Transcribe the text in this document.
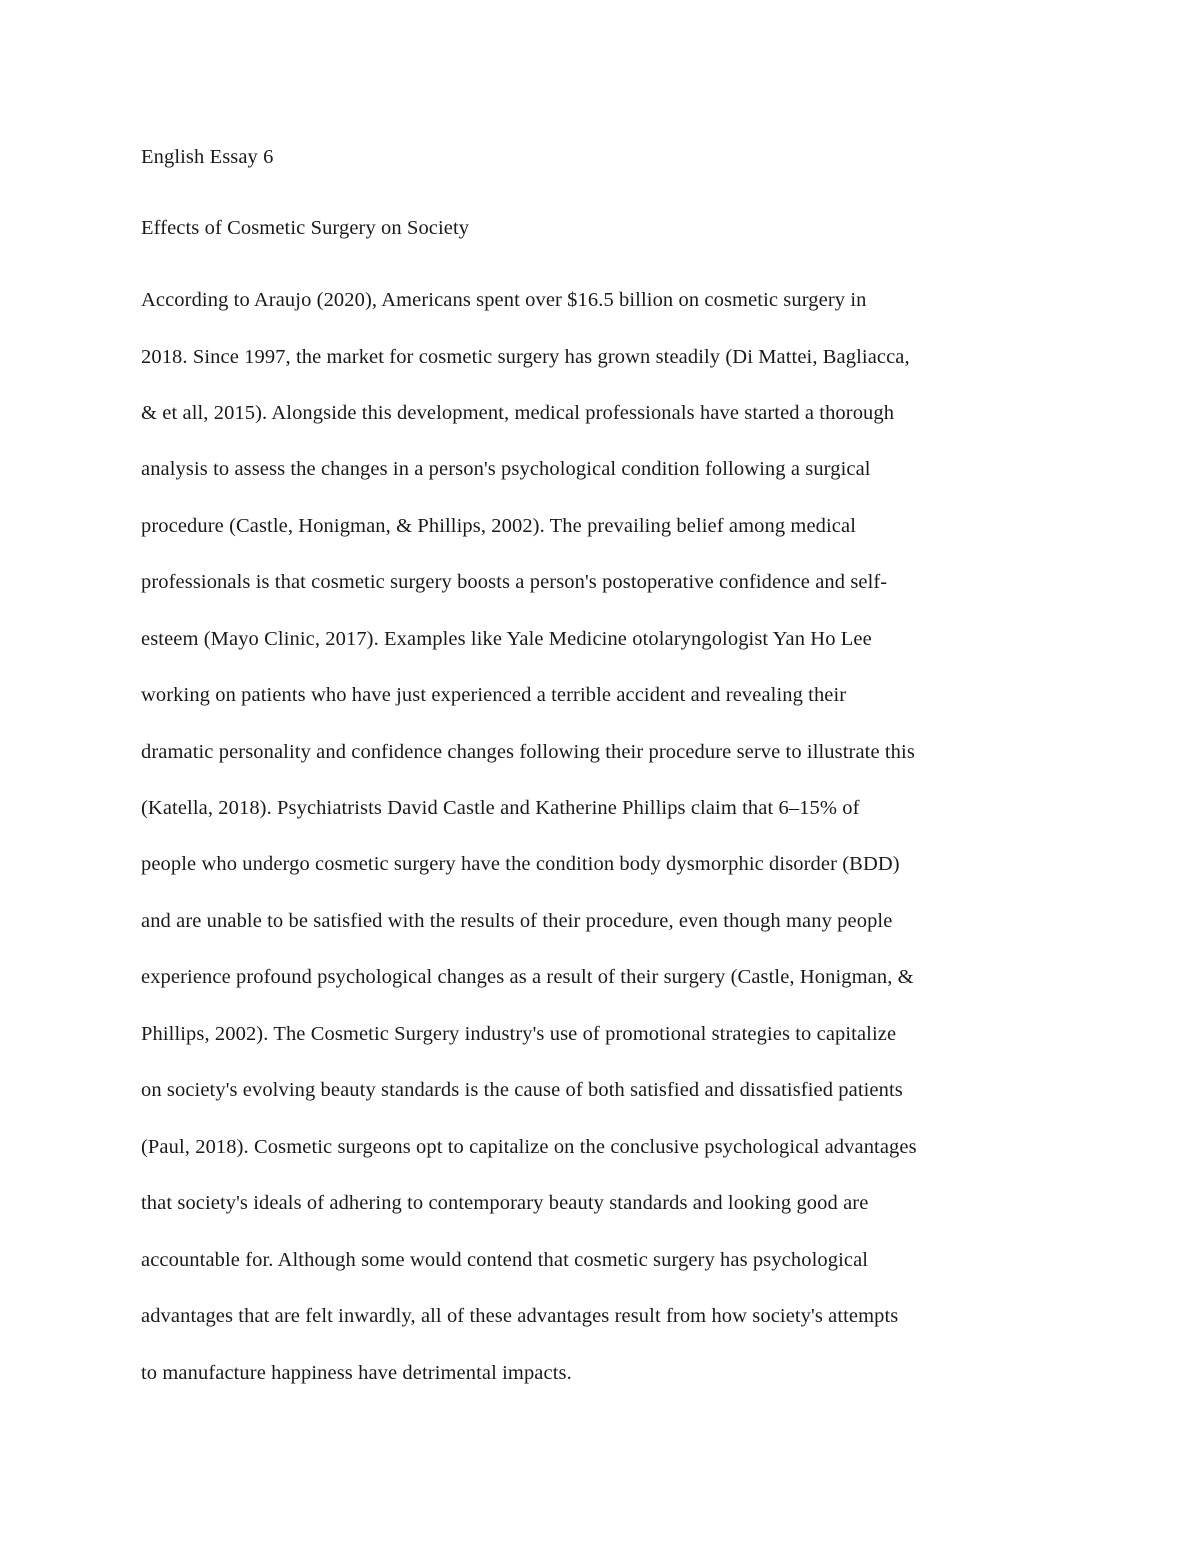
English Essay 6
Effects of Cosmetic Surgery on Society
According to Araujo (2020), Americans spent over $16.5 billion on cosmetic surgery in
2018. Since 1997, the market for cosmetic surgery has grown steadily (Di Mattei, Bagliacca,
& et all, 2015). Alongside this development, medical professionals have started a thorough
analysis to assess the changes in a person's psychological condition following a surgical
procedure (Castle, Honigman, & Phillips, 2002). The prevailing belief among medical
professionals is that cosmetic surgery boosts a person's postoperative confidence and self-
esteem (Mayo Clinic, 2017). Examples like Yale Medicine otolaryngologist Yan Ho Lee
working on patients who have just experienced a terrible accident and revealing their
dramatic personality and confidence changes following their procedure serve to illustrate this
(Katella, 2018). Psychiatrists David Castle and Katherine Phillips claim that 6–15% of
people who undergo cosmetic surgery have the condition body dysmorphic disorder (BDD)
and are unable to be satisfied with the results of their procedure, even though many people
experience profound psychological changes as a result of their surgery (Castle, Honigman, &
Phillips, 2002). The Cosmetic Surgery industry's use of promotional strategies to capitalize
on society's evolving beauty standards is the cause of both satisfied and dissatisfied patients
(Paul, 2018). Cosmetic surgeons opt to capitalize on the conclusive psychological advantages
that society's ideals of adhering to contemporary beauty standards and looking good are
accountable for. Although some would contend that cosmetic surgery has psychological
advantages that are felt inwardly, all of these advantages result from how society's attempts
to manufacture happiness have detrimental impacts.
